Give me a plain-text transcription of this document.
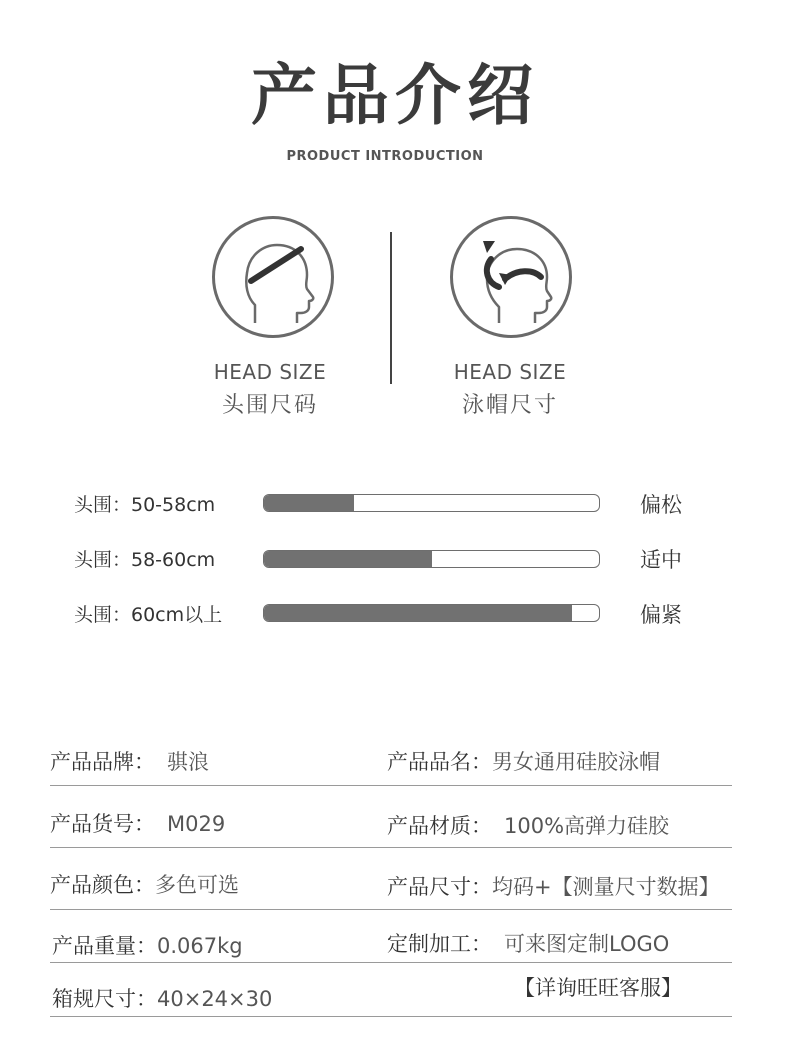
产品介绍
PRODUCT INTRODUCTION
HEAD SIZE
头围尺码
HEAD SIZE
泳帽尺寸
头围：50-58cm	偏松
头围：58-60cm	适中
头围：60cm以上	偏紧
产品品牌： 骐浪	产品品名：男女通用硅胶泳帽
产品货号： M029	产品材质： 100%高弹力硅胶
产品颜色：多色可选	产品尺寸：均码+【测量尺寸数据】
产品重量：0.067kg	定制加工： 可来图定制LOGO
箱规尺寸：40×24×30	【详询旺旺客服】
